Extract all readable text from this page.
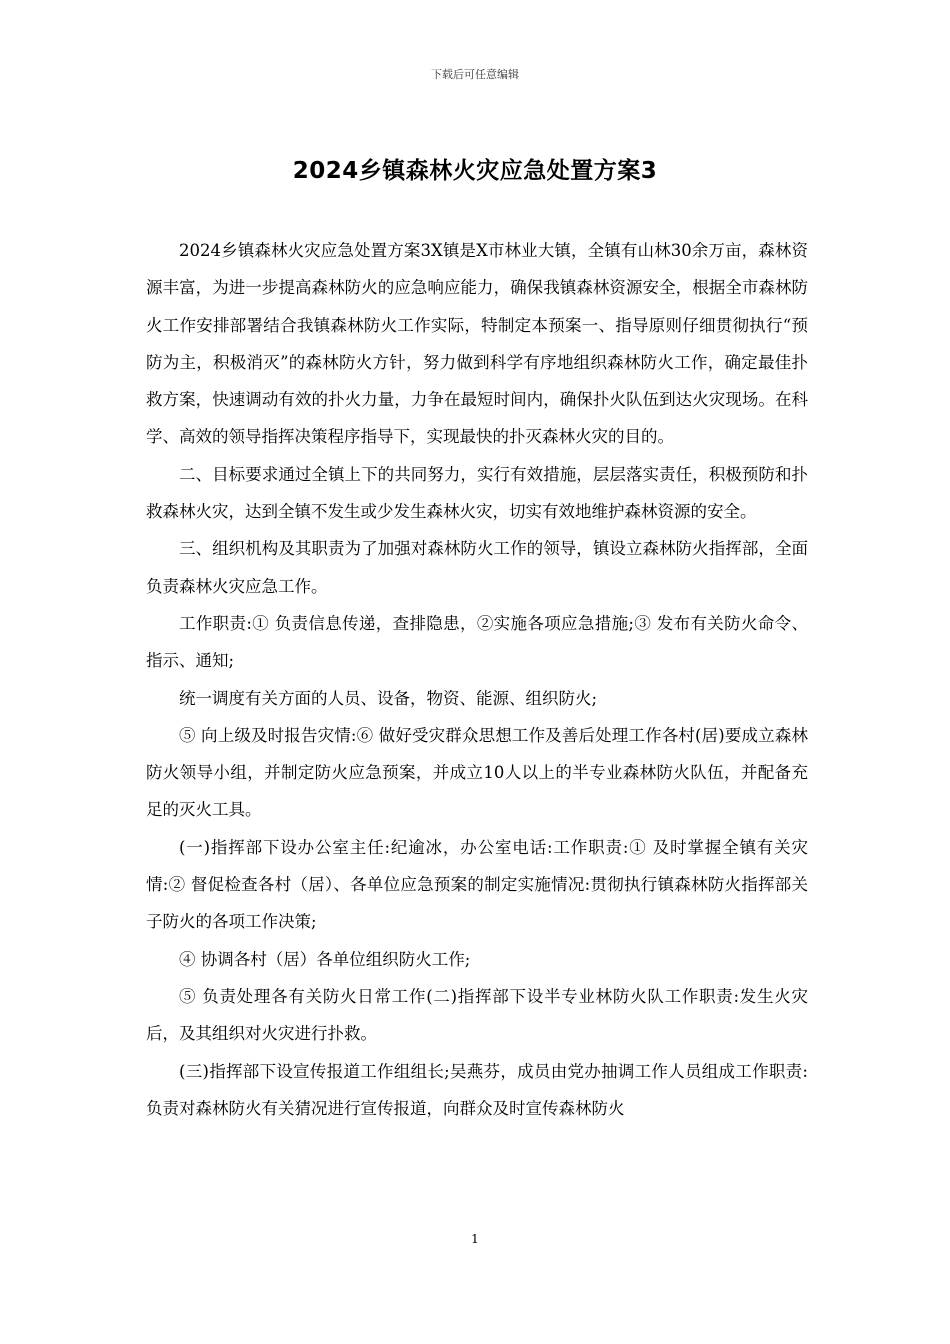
下载后可任意编辑
2024乡镇森林火灾应急处置方案3

2024乡镇森林火灾应急处置方案3X镇是X市林业大镇，全镇有山林30余万亩，森林资源丰富，为进一步提高森林防火的应急响应能力，确保我镇森林资源安全，根据全市森林防火工作安排部署结合我镇森林防火工作实际，特制定本预案一、指导原则仔细贯彻执行“预防为主，积极消灭”的森林防火方针，努力做到科学有序地组织森林防火工作，确定最佳扑救方案，快速调动有效的扑火力量，力争在最短时间内，确保扑火队伍到达火灾现场。在科学、高效的领导指挥决策程序指导下，实现最快的扑灭森林火灾的目的。

二、目标要求通过全镇上下的共同努力，实行有效措施，层层落实责任，积极预防和扑救森林火灾，达到全镇不发生或少发生森林火灾，切实有效地维护森林资源的安全。

三、组织机构及其职责为了加强对森林防火工作的领导，镇设立森林防火指挥部，全面负责森林火灾应急工作。

工作职责:① 负责信息传递，查排隐患，②实施各项应急措施;③ 发布有关防火命令、指示、通知;

统一调度有关方面的人员、设备，物资、能源、组织防火;

⑤ 向上级及时报告灾情:⑥ 做好受灾群众思想工作及善后处理工作各村(居)要成立森林防火领导小组，并制定防火应急预案，并成立10人以上的半专业森林防火队伍，并配备充足的灭火工具。

(一)指挥部下设办公室主任:纪逾冰，办公室电话:工作职责:① 及时掌握全镇有关灾情:② 督促检查各村（居）、各单位应急预案的制定实施情况:贯彻执行镇森林防火指挥部关子防火的各项工作决策;

④ 协调各村（居）各单位组织防火工作;

⑤ 负责处理各有关防火日常工作(二)指挥部下设半专业林防火队工作职责:发生火灾后，及其组织对火灾进行扑救。

(三)指挥部下设宣传报道工作组组长;吴燕芬，成员由党办抽调工作人员组成工作职责:负责对森林防火有关猜况进行宣传报道，向群众及时宣传森林防火

1
